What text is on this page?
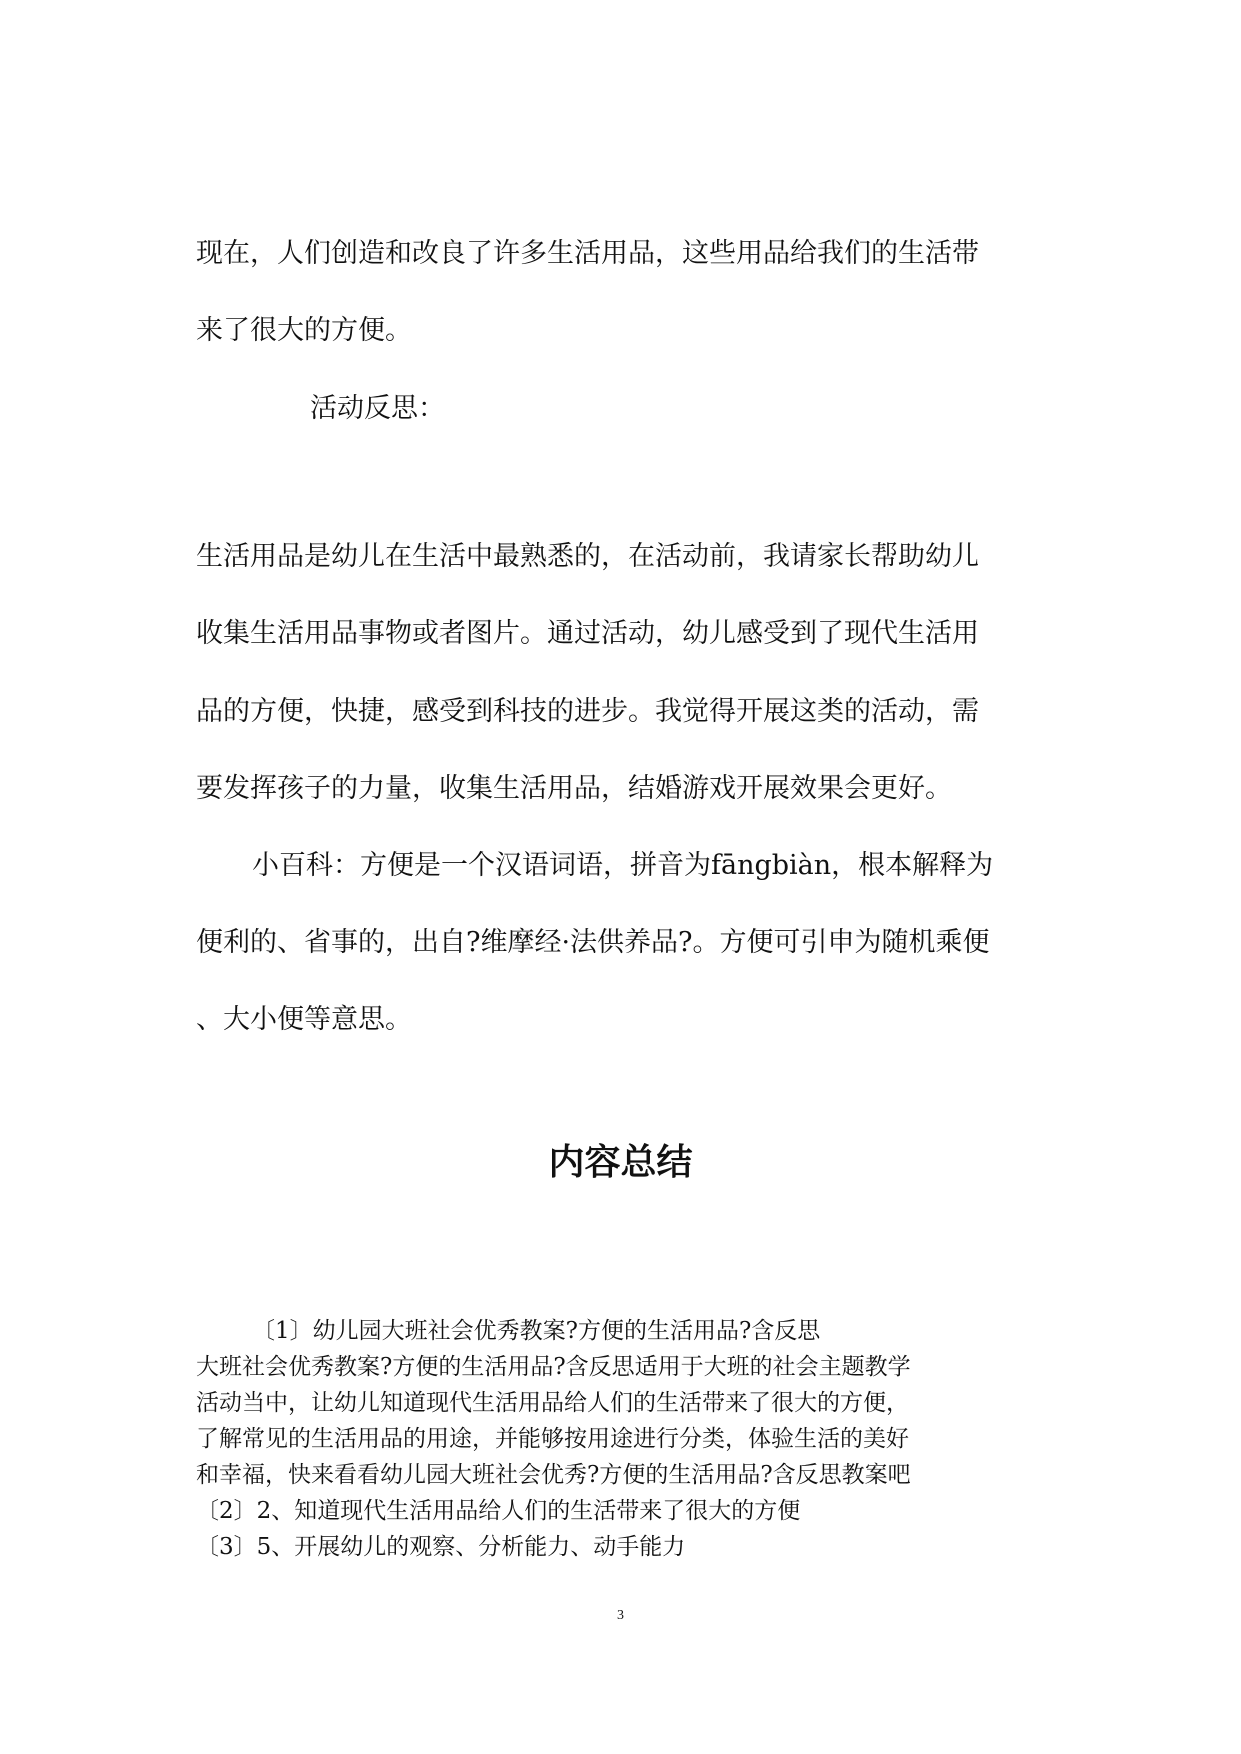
现在，人们创造和改良了许多生活用品，这些用品给我们的生活带
来了很大的方便。
活动反思：
生活用品是幼儿在生活中最熟悉的，在活动前，我请家长帮助幼儿
收集生活用品事物或者图片。通过活动，幼儿感受到了现代生活用
品的方便，快捷，感受到科技的进步。我觉得开展这类的活动，需
要发挥孩子的力量，收集生活用品，结婚游戏开展效果会更好。
小百科：方便是一个汉语词语，拼音为fāngbiàn，根本解释为
便利的、省事的，出自?维摩经·法供养品?。方便可引申为随机乘便
、大小便等意思。
内容总结
〔1〕幼儿园大班社会优秀教案?方便的生活用品?含反思
大班社会优秀教案?方便的生活用品?含反思适用于大班的社会主题教学
活动当中，让幼儿知道现代生活用品给人们的生活带来了很大的方便，
了解常见的生活用品的用途，并能够按用途进行分类，体验生活的美好
和幸福，快来看看幼儿园大班社会优秀?方便的生活用品?含反思教案吧
〔2〕2、知道现代生活用品给人们的生活带来了很大的方便
〔3〕5、开展幼儿的观察、分析能力、动手能力
3
